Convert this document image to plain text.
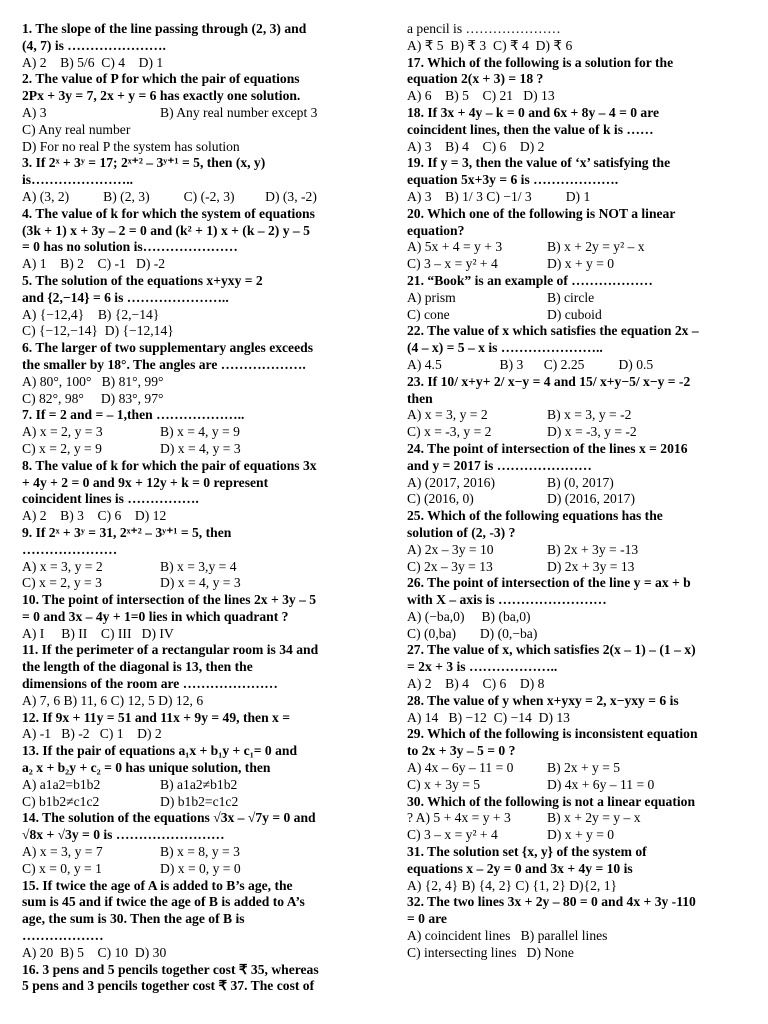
1. The slope of the line passing through (2, 3) and
(4, 7) is ………………….
A) 2    B) 5/6  C) 4    D) 1
2. The value of P for which the pair of equations
2Px + 3y = 7, 2x + y = 6 has exactly one solution.
A) 3	B) Any real number except 3
C) Any real number
D) For no real P the system has solution
3. If 2ˣ + 3ʸ = 17; 2ˣ⁺² – 3ʸ⁺¹ = 5, then (x, y)
is…………………..
A) (3, 2)          B) (2, 3)          C) (-2, 3)         D) (3, -2)
4. The value of k for which the system of equations
(3k + 1) x + 3y – 2 = 0 and (k² + 1) x + (k – 2) y – 5
= 0 has no solution is…………………
A) 1    B) 2    C) -1   D) -2
5. The solution of the equations x+yxy = 2
and {2,−14} = 6 is …………………..
A) {−12,4}    B) {2,−14}
C) {−12,−14}  D) {−12,14}
6. The larger of two supplementary angles exceeds
the smaller by 18°. The angles are ……………….
A) 80°, 100°   B) 81°, 99°
C) 82°, 98°     D) 83°, 97°
7. If = 2 and = – 1,then ………………..
A) x = 2, y = 3	B) x = 4, y = 9
C) x = 2, y = 9	D) x = 4, y = 3
8. The value of k for which the pair of equations 3x
+ 4y + 2 = 0 and 9x + 12y + k = 0 represent
coincident lines is …………….
A) 2    B) 3    C) 6    D) 12
9. If 2ˣ + 3ʸ = 31, 2ˣ⁺² – 3ʸ⁺¹ = 5, then
…………………
A) x = 3, y = 2	B) x = 3,y = 4
C) x = 2, y = 3	D) x = 4, y = 3
10. The point of intersection of the lines 2x + 3y – 5
= 0 and 3x – 4y + 1=0 lies in which quadrant ?
A) I     B) II    C) III   D) IV
11. If the perimeter of a rectangular room is 34 and
the length of the diagonal is 13, then the
dimensions of the room are …………………
A) 7, 6 B) 11, 6 C) 12, 5 D) 12, 6
12. If 9x + 11y = 51 and 11x + 9y = 49, then x =
A) -1   B) -2   C) 1    D) 2
13. If the pair of equations a₁x + b₁y + c₁= 0 and
a₂ x + b₂y + c₂ = 0 has unique solution, then
A) a1a2=b1b2	B) a1a2≠b1b2
C) b1b2≠c1c2	D) b1b2=c1c2
14. The solution of the equations √3x – √7y = 0 and
√8x + √3y = 0 is ……………………
A) x = 3, y = 7	B) x = 8, y = 3
C) x = 0, y = 1	D) x = 0, y = 0
15. If twice the age of A is added to B’s age, the
sum is 45 and if twice the age of B is added to A’s
age, the sum is 30. Then the age of B is
………………
A) 20  B) 5    C) 10  D) 30
16. 3 pens and 5 pencils together cost ₹ 35, whereas
5 pens and 3 pencils together cost ₹ 37. The cost of
a pencil is …………………
A) ₹ 5  B) ₹ 3  C) ₹ 4  D) ₹ 6
17. Which of the following is a solution for the
equation 2(x + 3) = 18 ?
A) 6    B) 5    C) 21   D) 13
18. If 3x + 4y – k = 0 and 6x + 8y – 4 = 0 are
coincident lines, then the value of k is ……
A) 3    B) 4    C) 6    D) 2
19. If y = 3, then the value of ‘x’ satisfying the
equation 5x+3y = 6 is ……………….
A) 3    B) 1/ 3 C) −1/ 3          D) 1
20. Which one of the following is NOT a linear
equation?
A) 5x + 4 = y + 3	B) x + 2y = y² – x
C) 3 – x = y² + 4	D) x + y = 0
21. “Book” is an example of ………………
A) prism	B) circle
C) cone	D) cuboid
22. The value of x which satisfies the equation 2x –
(4 – x) = 5 – x is …………………..
A) 4.5                 B) 3      C) 2.25          D) 0.5
23. If 10/ x+y+ 2/ x−y = 4 and 15/ x+y−5/ x−y = -2
then
A) x = 3, y = 2	B) x = 3, y = -2
C) x = -3, y = 2	D) x = -3, y = -2
24. The point of intersection of the lines x = 2016
and y = 2017 is …………………
A) (2017, 2016)	B) (0, 2017)
C) (2016, 0)	D) (2016, 2017)
25. Which of the following equations has the
solution of (2, -3) ?
A) 2x – 3y = 10	B) 2x + 3y = -13
C) 2x – 3y = 13	D) 2x + 3y = 13
26. The point of intersection of the line y = ax + b
with X – axis is ……………………
A) (−ba,0)     B) (ba,0)
C) (0,ba)       D) (0,−ba)
27. The value of x, which satisfies 2(x – 1) – (1 – x)
= 2x + 3 is ………………..
A) 2    B) 4    C) 6    D) 8
28. The value of y when x+yxy = 2, x−yxy = 6 is
A) 14   B) −12  C) −14  D) 13
29. Which of the following is inconsistent equation
to 2x + 3y – 5 = 0 ?
A) 4x – 6y – 11 = 0	B) 2x + y = 5
C) x + 3y = 5	D) 4x + 6y – 11 = 0
30. Which of the following is not a linear equation
? A) 5 + 4x = y + 3	B) x + 2y = y – x
C) 3 – x = y² + 4	D) x + y = 0
31. The solution set {x, y} of the system of
equations x – 2y = 0 and 3x + 4y = 10 is
A) {2, 4} B) {4, 2} C) {1, 2} D){2, 1}
32. The two lines 3x + 2y – 80 = 0 and 4x + 3y -110
= 0 are
A) coincident lines   B) parallel lines
C) intersecting lines   D) None
